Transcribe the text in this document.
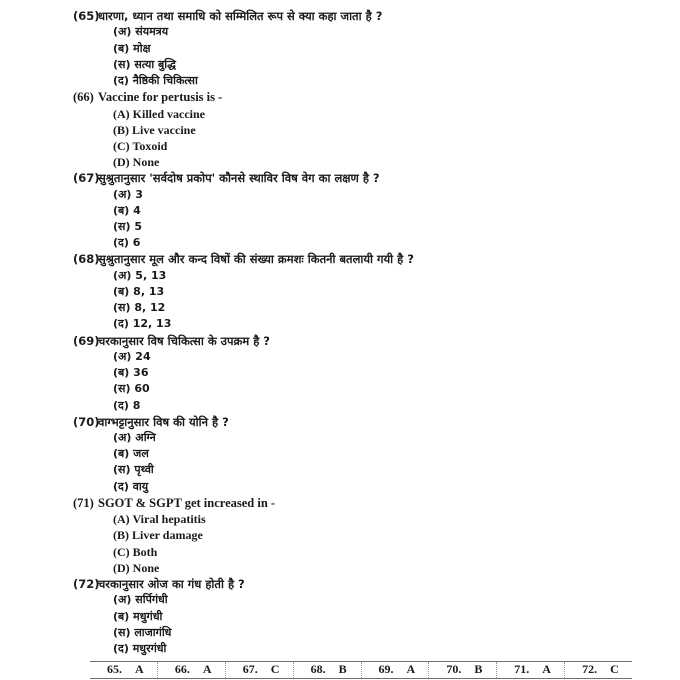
(65)
धारणा, ध्यान तथा समाधि को सम्मिलित रूप से क्या कहा जाता है ?
(अ) संयमत्रय
(ब) मोक्ष
(स) सत्या बुद्धि
(द) नैष्ठिकी चिकित्सा
(66) Vaccine for pertusis is -
(A) Killed vaccine
(B) Live vaccine
(C) Toxoid
(D) None
(67)
सुश्रुतानुसार 'सर्वदोष प्रकोप' कौनसे स्थाविर विष वेग का लक्षण है ?
(अ) 3
(ब) 4
(स) 5
(द) 6
(68)
सुश्रुतानुसार मूल और कन्द विषों की संख्या क्रमशः कितनी बतलायी गयी है ?
(अ) 5, 13
(ब) 8, 13
(स) 8, 12
(द) 12, 13
(69)
चरकानुसार विष चिकित्सा के उपक्रम है ?
(अ) 24
(ब) 36
(स) 60
(द) 8
(70)
वाग्भट्टानुसार विष की योनि है ?
(अ) अग्नि
(ब) जल
(स) पृथ्वी
(द) वायु
(71) SGOT & SGPT get increased in -
(A) Viral hepatitis
(B) Liver damage
(C) Both
(D) None
(72)
चरकानुसार ओज का गंध होती है ?
(अ) सर्पिगंधी
(ब) मधुगंधी
(स) लाजागंधि
(द) मधुरगंधी
65. A	66. A	67. C	68. B	69. A	70. B	71. A	72. C
